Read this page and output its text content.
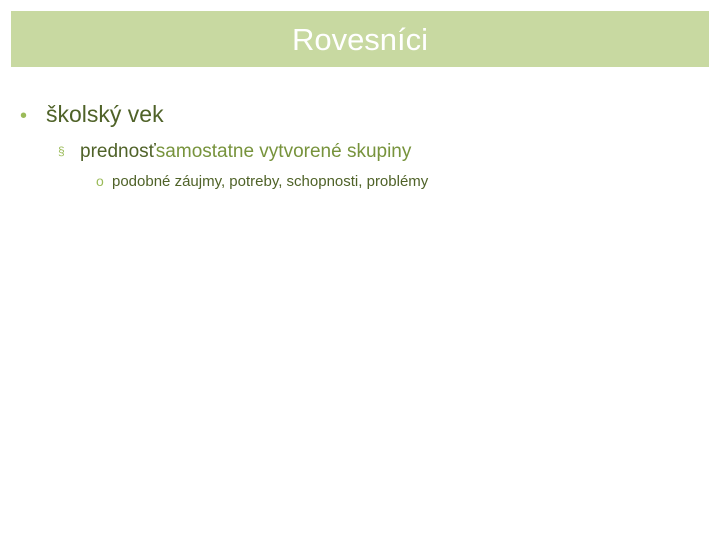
Rovesníci
• školský vek
§ prednosť samostatne vytvorené skupiny
o podobné záujmy, potreby, schopnosti, problémy
